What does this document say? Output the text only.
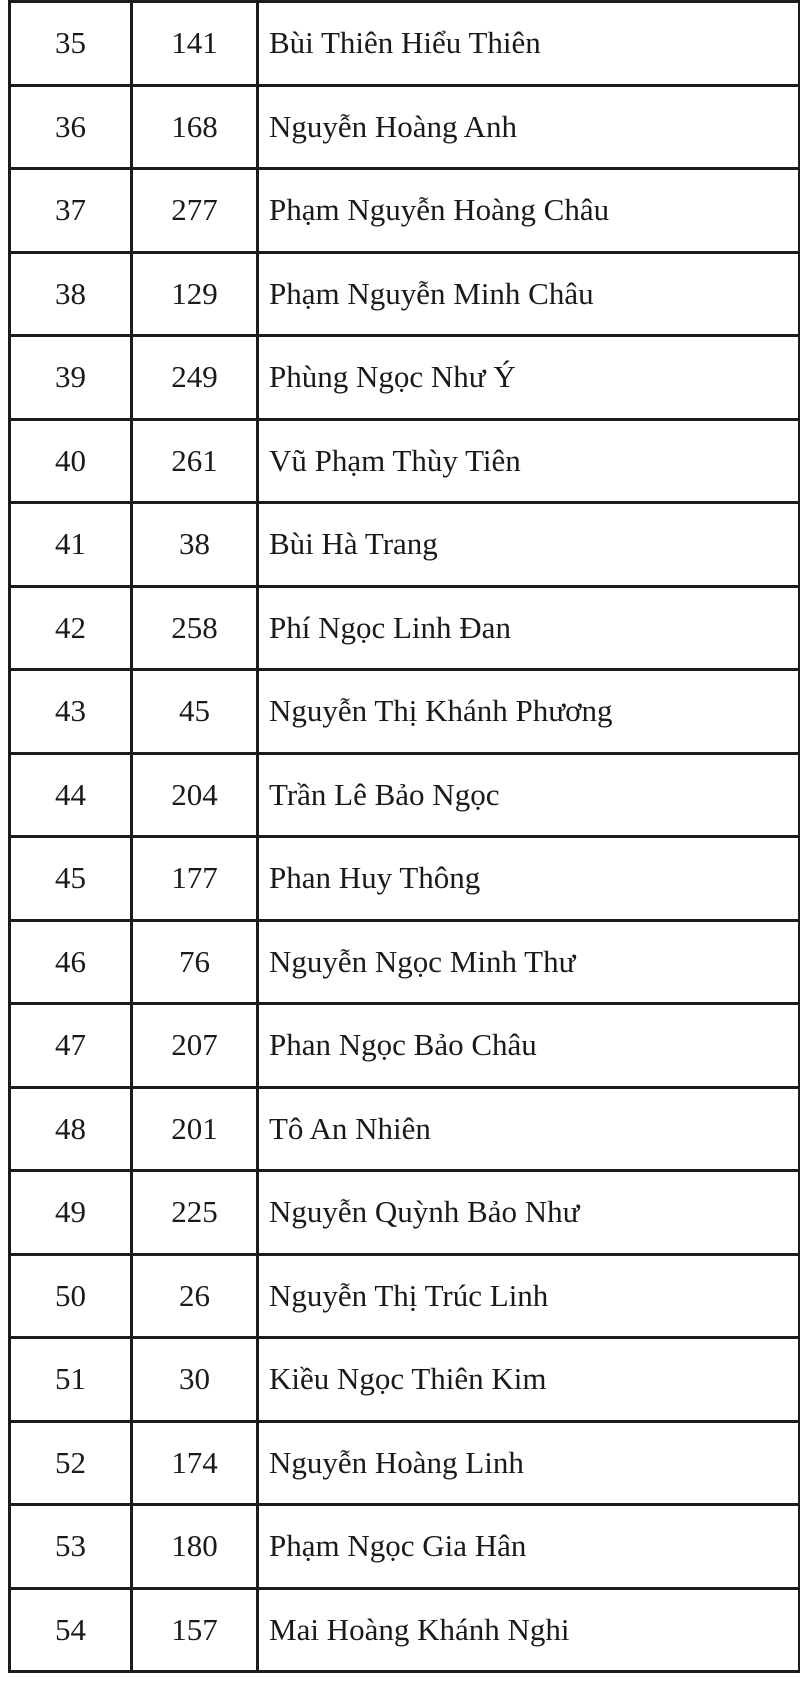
35	141	Bùi Thiên Hiểu Thiên
36	168	Nguyễn Hoàng Anh
37	277	Phạm Nguyễn Hoàng Châu
38	129	Phạm Nguyễn Minh Châu
39	249	Phùng Ngọc Như Ý
40	261	Vũ Phạm Thùy Tiên
41	38	Bùi Hà Trang
42	258	Phí Ngọc Linh Đan
43	45	Nguyễn Thị Khánh Phương
44	204	Trần Lê Bảo Ngọc
45	177	Phan Huy Thông
46	76	Nguyễn Ngọc Minh Thư
47	207	Phan Ngọc Bảo Châu
48	201	Tô An Nhiên
49	225	Nguyễn Quỳnh Bảo Như
50	26	Nguyễn Thị Trúc Linh
51	30	Kiều Ngọc Thiên Kim
52	174	Nguyễn Hoàng Linh
53	180	Phạm Ngọc Gia Hân
54	157	Mai Hoàng Khánh Nghi
